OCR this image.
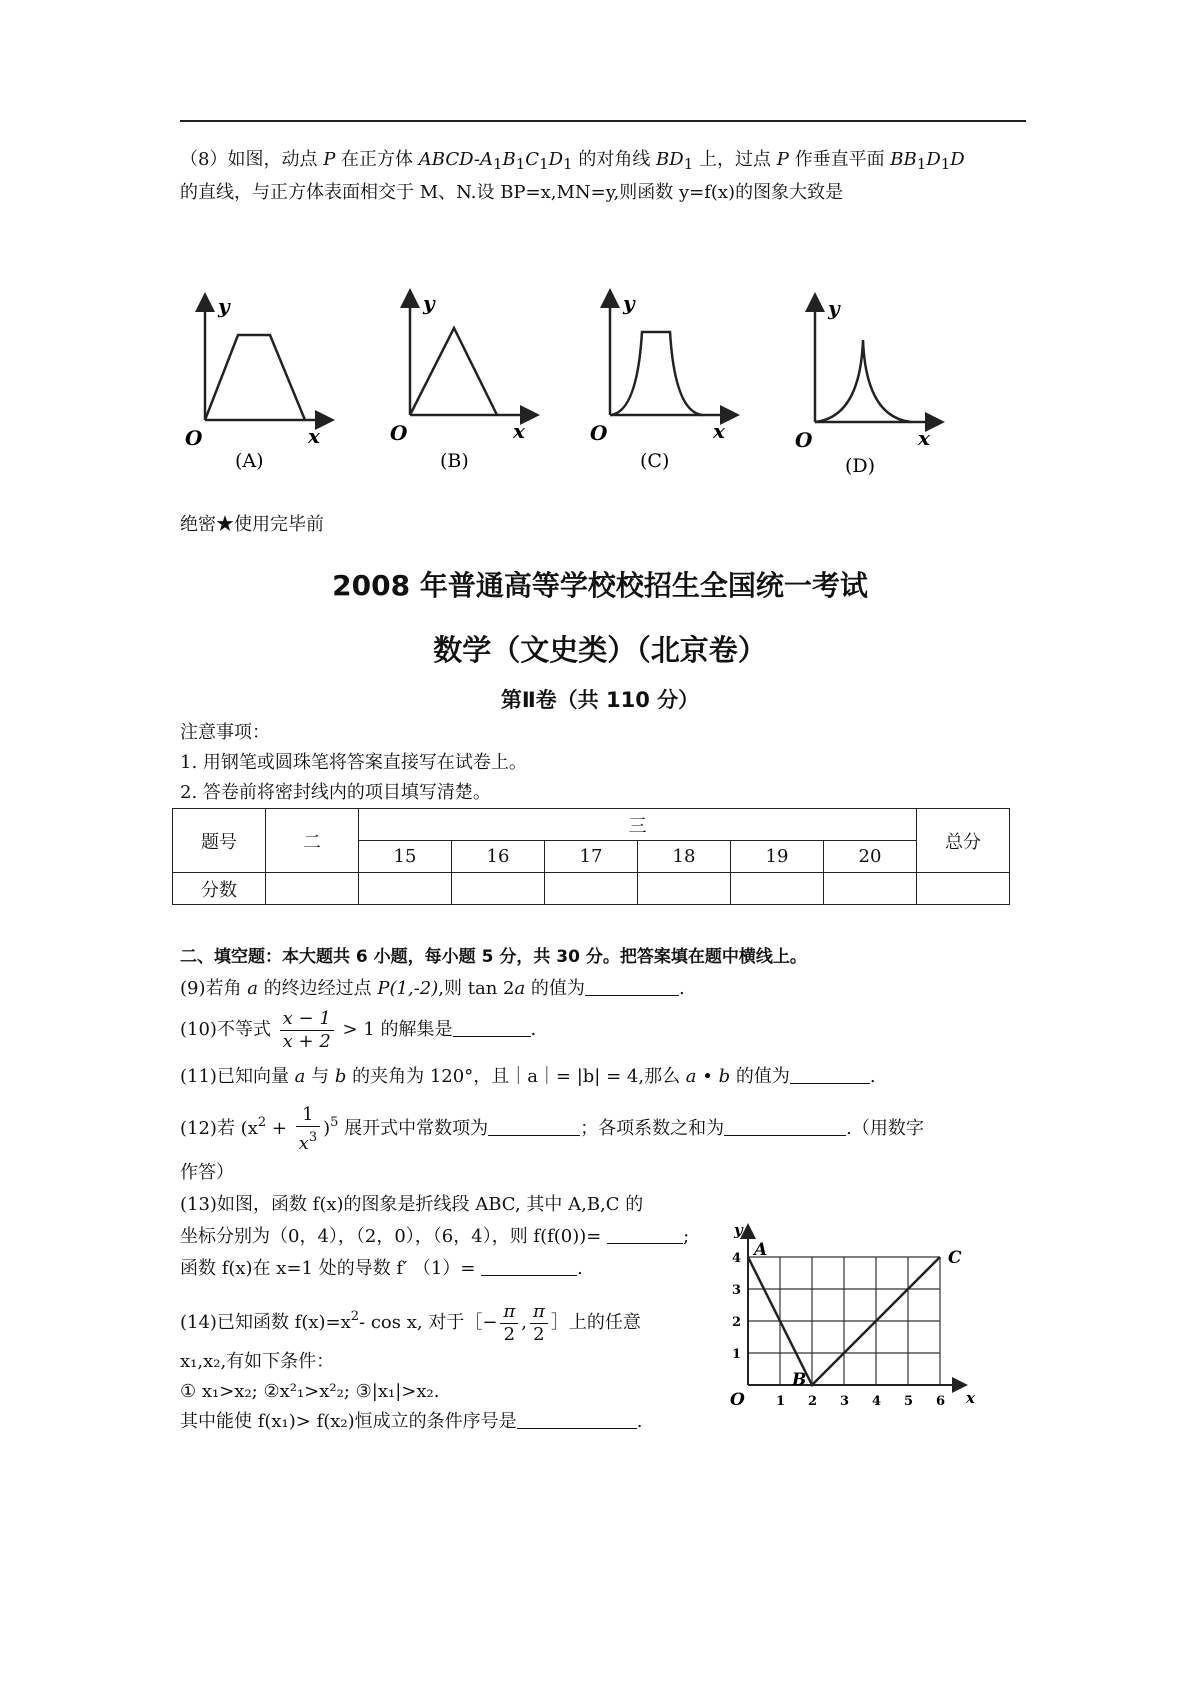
（8）如图，动点 P 在正方体 ABCD-$A_1B_1C_1D_1$ 的对角线 $BD_1$ 上，过点 P 作垂直平面 $BB_1D_1D$
的直线，与正方体表面相交于 M、N.设 BP=x,MN=y,则函数 y=f(x)的图象大致是
y
x
O
(A)
y
x
O
(B)
y
x
O
(C)
y
x
O
(D)
绝密★使用完毕前
2008 年普通高等学校校招生全国统一考试
数学（文史类）（北京卷）
第Ⅱ卷（共 110 分）
注意事项：
1. 用钢笔或圆珠笔将答案直接写在试卷上。
2. 答卷前将密封线内的项目填写清楚。
题号	二	三						总分
		15	16	17	18	19	20	
分数								
二、填空题：本大题共 6 小题，每小题 5 分，共 30 分。把答案填在题中横线上。
(9)若角 a 的终边经过点 P(1,-2),则 tan 2a 的值为	.
(10)不等式 $\frac{x - 1}{x + 2} > 1$ 的解集是	.
(11)已知向量 a 与 b 的夹角为 120°，且｜a｜= |b| = 4,那么 a • b 的值为	.
(12)若 $(x^2 + \frac{1}{x^3} )^5$ 展开式中常数项为	；各项系数之和为	.（用数字
作答）
(13)如图，函数 f(x)的图象是折线段 ABC, 其中 A,B,C 的
坐标分别为（0，4），（2，0），（6，4），则 f(f(0))=	;
函数 f(x)在 x=1 处的导数 f′ （1）=	.
(14)已知函数 $f(x)=x^2-$ cos x, 对于［− $\frac{\pi}{2}$ , $\frac{\pi}{2}$ ］上的任意
x₁,x₂,有如下条件：
① x₁>x₂; ②x²₁>x²₂; ③|x₁|>x₂.
其中能使 f(x₁)> f(x₂)恒成立的条件序号是	.
1 2 3 4 5 6
1
2
3
4
O	x
y
A
B
C
